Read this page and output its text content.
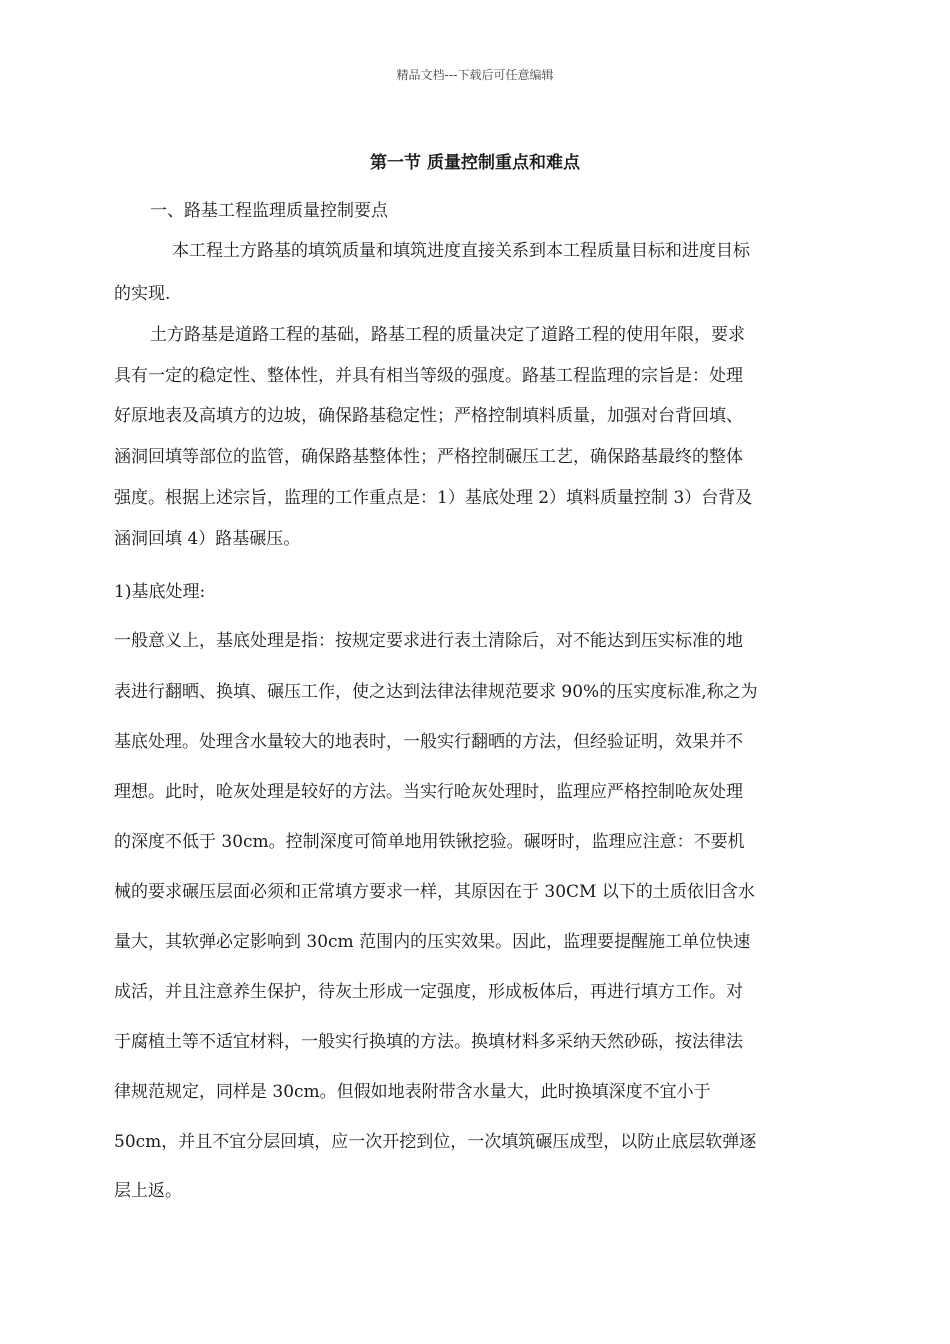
精品文档---下载后可任意编辑
第一节 质量控制重点和难点
一、路基工程监理质量控制要点
本工程土方路基的填筑质量和填筑进度直接关系到本工程质量目标和进度目标
的实现.
土方路基是道路工程的基础，路基工程的质量决定了道路工程的使用年限，要求
具有一定的稳定性、整体性，并具有相当等级的强度。路基工程监理的宗旨是：处理
好原地表及高填方的边坡，确保路基稳定性；严格控制填料质量，加强对台背回填、
涵洞回填等部位的监管，确保路基整体性；严格控制碾压工艺，确保路基最终的整体
强度。根据上述宗旨，监理的工作重点是：1）基底处理 2）填料质量控制 3）台背及
涵洞回填 4）路基碾压。
1)基底处理:
一般意义上，基底处理是指：按规定要求进行表土清除后，对不能达到压实标准的地
表进行翻晒、换填、碾压工作，使之达到法律法律规范要求 90%的压实度标准,称之为
基底处理。处理含水量较大的地表时，一般实行翻晒的方法，但经验证明，效果并不
理想。此时，呛灰处理是较好的方法。当实行呛灰处理时，监理应严格控制呛灰处理
的深度不低于 30cm。控制深度可简单地用铁锹挖验。碾呀时，监理应注意：不要机
械的要求碾压层面必须和正常填方要求一样，其原因在于 30CM 以下的土质依旧含水
量大，其软弹必定影响到 30cm 范围内的压实效果。因此，监理要提醒施工单位快速
成活，并且注意养生保护，待灰土形成一定强度，形成板体后，再进行填方工作。对
于腐植土等不适宜材料，一般实行换填的方法。换填材料多采纳天然砂砾，按法律法
律规范规定，同样是 30cm。但假如地表附带含水量大，此时换填深度不宜小于
50cm，并且不宜分层回填，应一次开挖到位，一次填筑碾压成型，以防止底层软弹逐
层上返。
